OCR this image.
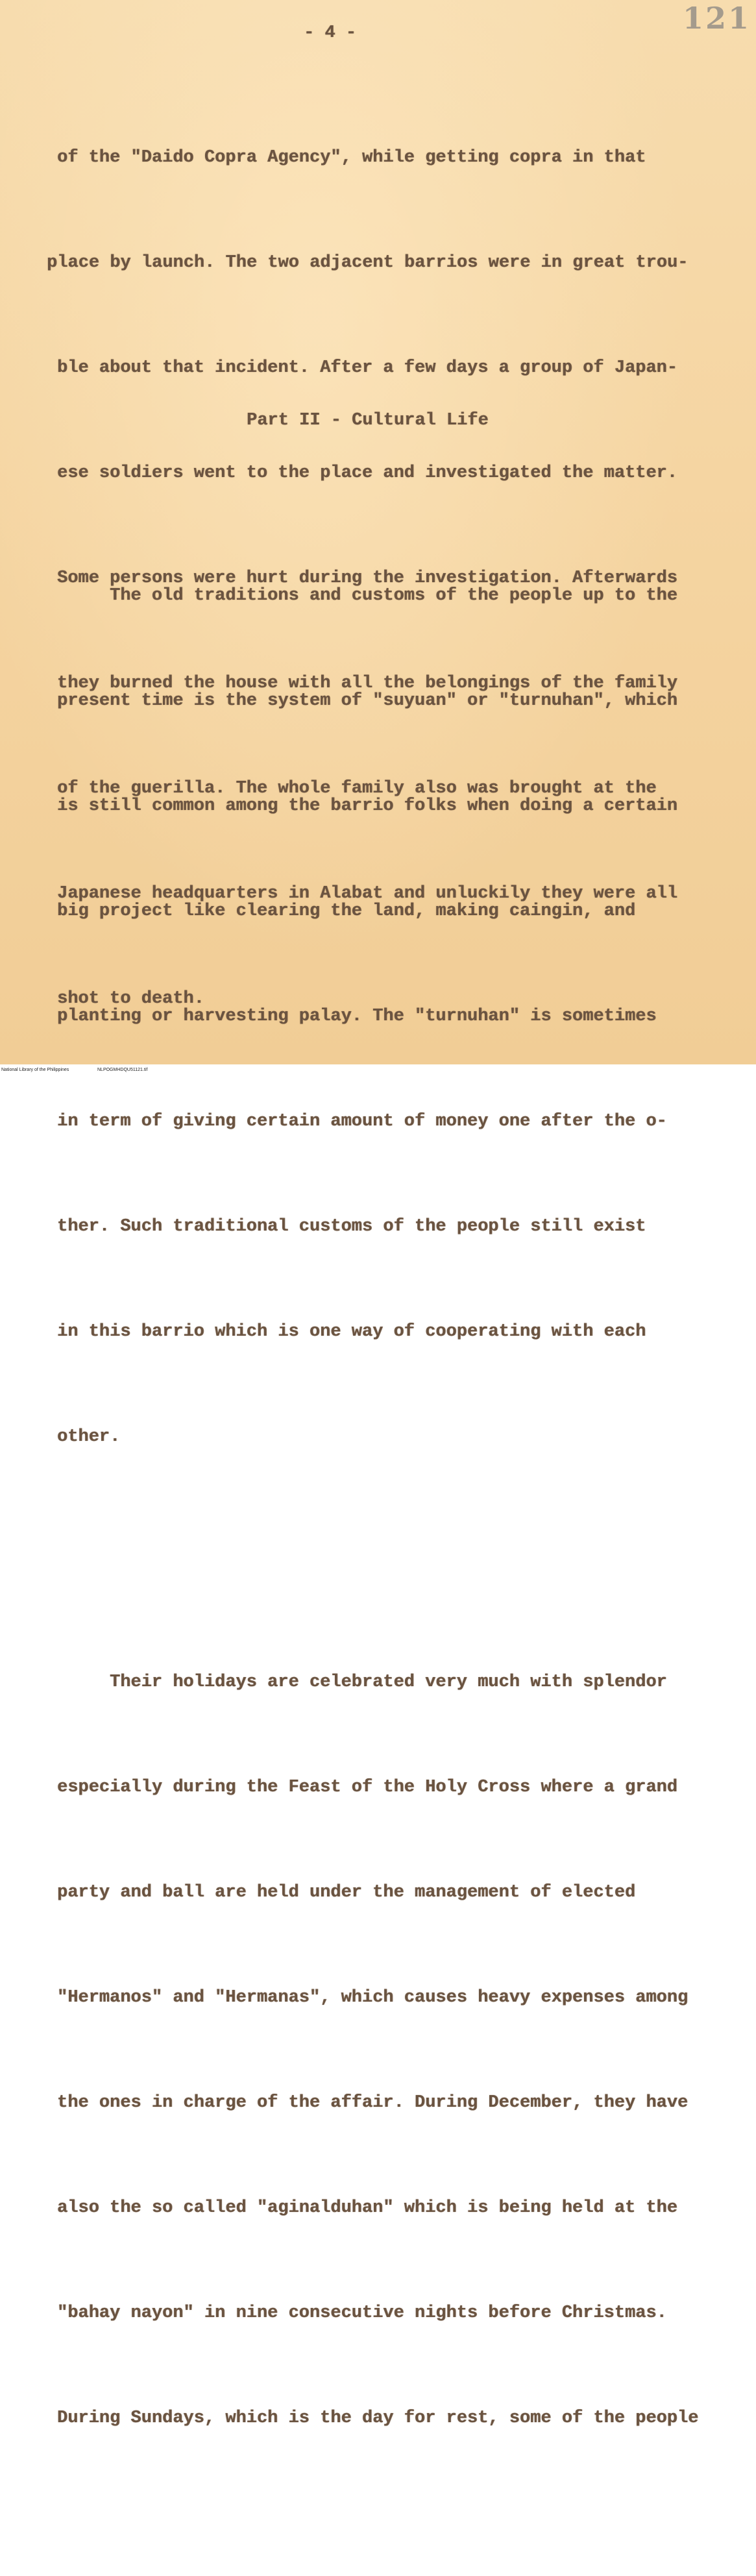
- 4 -	121

of the "Daido Copra Agency", while getting copra in that

place by launch. The two adjacent barrios were in great trou-

ble about that incident. After a few days a group of Japan-

ese soldiers went to the place and investigated the matter.

Some persons were hurt during the investigation. Afterwards

they burned the house with all the belongings of the family

of the guerilla. The whole family also was brought at the

Japanese headquarters in Alabat and unluckily they were all

shot to death.

Part II - Cultural Life

The old traditions and customs of the people up to the

present time is the system of "suyuan" or "turnuhan", which

is still common among the barrio folks when doing a certain

big project like clearing the land, making caingin, and

planting or harvesting palay. The "turnuhan" is sometimes

in term of giving certain amount of money one after the o-

ther. Such traditional customs of the people still exist

in this barrio which is one way of cooperating with each

other.

Their holidays are celebrated very much with splendor

especially during the Feast of the Holy Cross where a grand

party and ball are held under the management of elected

"Hermanos" and "Hermanas", which causes heavy expenses among

the ones in charge of the affair. During December, they have

also the so called "aginalduhan" which is being held at the

"bahay nayon" in nine consecutive nights before Christmas.

During Sundays, which is the day for rest, some of the people

National Library of the Philippines	NLPOGMHDQU51121.tif
